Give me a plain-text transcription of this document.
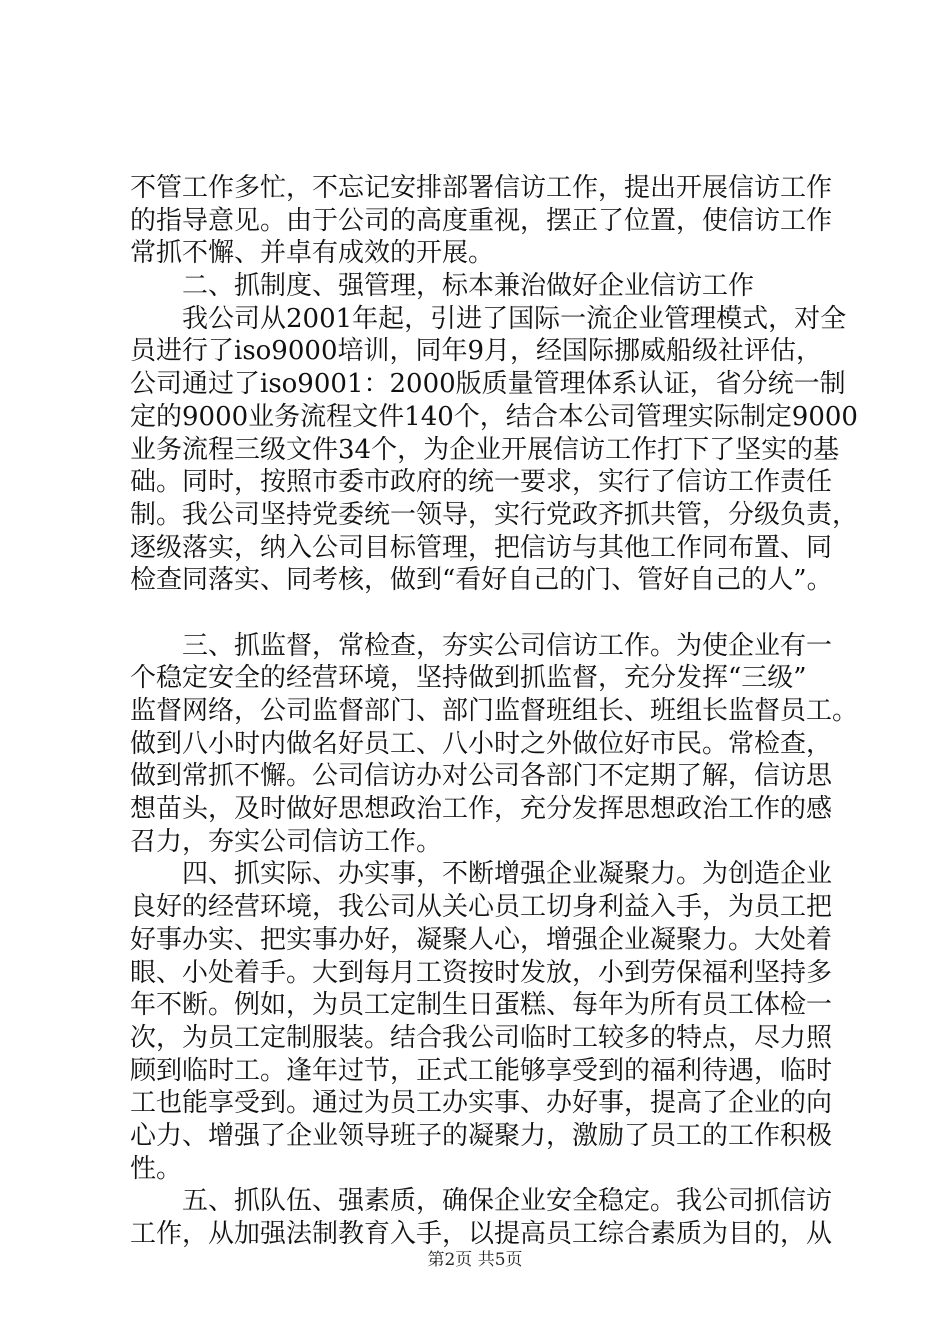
不管工作多忙，不忘记安排部署信访工作，提出开展信访工作
的指导意见。由于公司的高度重视，摆正了位置，使信访工作
常抓不懈、并卓有成效的开展。
二、抓制度、强管理，标本兼治做好企业信访工作
我公司从2001年起，引进了国际一流企业管理模式，对全
员进行了iso9000培训，同年9月，经国际挪威船级社评估，
公司通过了iso9001：2000版质量管理体系认证，省分统一制
定的9000业务流程文件140个，结合本公司管理实际制定9000
业务流程三级文件34个，为企业开展信访工作打下了坚实的基
础。同时，按照市委市政府的统一要求，实行了信访工作责任
制。我公司坚持党委统一领导，实行党政齐抓共管，分级负责，
逐级落实，纳入公司目标管理，把信访与其他工作同布置、同
检查同落实、同考核，做到“看好自己的门、管好自己的人”。
三、抓监督，常检查，夯实公司信访工作。为使企业有一
个稳定安全的经营环境，坚持做到抓监督，充分发挥“三级”
监督网络，公司监督部门、部门监督班组长、班组长监督员工。
做到八小时内做名好员工、八小时之外做位好市民。常检查，
做到常抓不懈。公司信访办对公司各部门不定期了解，信访思
想苗头，及时做好思想政治工作，充分发挥思想政治工作的感
召力，夯实公司信访工作。
四、抓实际、办实事，不断增强企业凝聚力。为创造企业
良好的经营环境，我公司从关心员工切身利益入手，为员工把
好事办实、把实事办好，凝聚人心，增强企业凝聚力。大处着
眼、小处着手。大到每月工资按时发放，小到劳保福利坚持多
年不断。例如，为员工定制生日蛋糕、每年为所有员工体检一
次，为员工定制服装。结合我公司临时工较多的特点，尽力照
顾到临时工。逢年过节，正式工能够享受到的福利待遇，临时
工也能享受到。通过为员工办实事、办好事，提高了企业的向
心力、增强了企业领导班子的凝聚力，激励了员工的工作积极
性。
五、抓队伍、强素质，确保企业安全稳定。我公司抓信访
工作，从加强法制教育入手，以提高员工综合素质为目的，从
第2页 共5页
